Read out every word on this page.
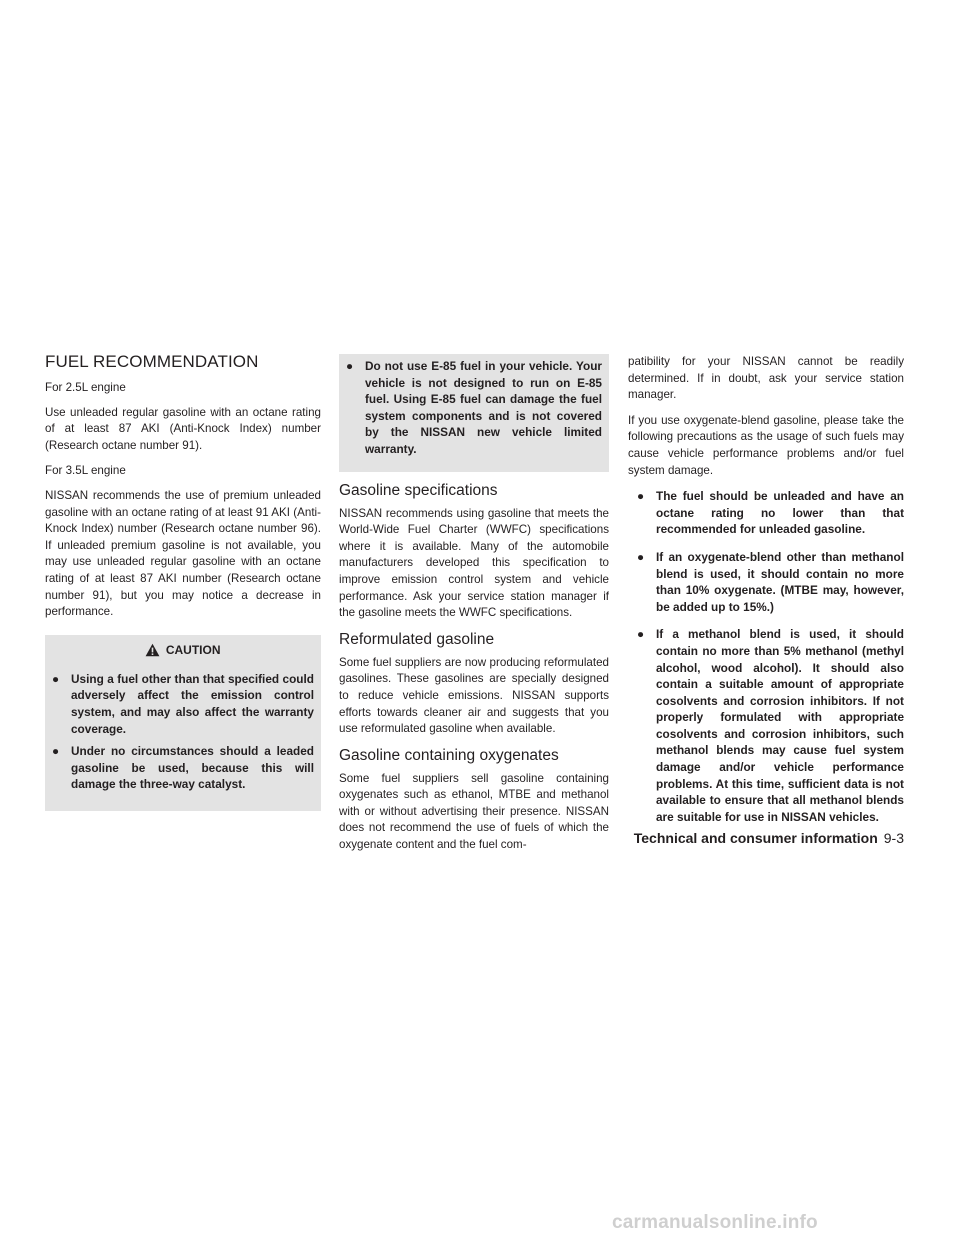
FUEL RECOMMENDATION

For 2.5L engine

Use unleaded regular gasoline with an octane rating of at least 87 AKI (Anti-Knock Index) number (Research octane number 91).

For 3.5L engine

NISSAN recommends the use of premium unleaded gasoline with an octane rating of at least 91 AKI (Anti-Knock Index) number (Research octane number 96). If unleaded premium gasoline is not available, you may use unleaded regular gasoline with an octane rating of at least 87 AKI number (Research octane number 91), but you may notice a decrease in performance.

CAUTION
● Using a fuel other than that specified could adversely affect the emission control system, and may also affect the warranty coverage.
● Under no circumstances should a leaded gasoline be used, because this will damage the three-way catalyst.
● Do not use E-85 fuel in your vehicle. Your vehicle is not designed to run on E-85 fuel. Using E-85 fuel can damage the fuel system components and is not covered by the NISSAN new vehicle limited warranty.
Gasoline specifications

NISSAN recommends using gasoline that meets the World-Wide Fuel Charter (WWFC) specifications where it is available. Many of the automobile manufacturers developed this specification to improve emission control system and vehicle performance. Ask your service station manager if the gasoline meets the WWFC specifications.

Reformulated gasoline

Some fuel suppliers are now producing reformulated gasolines. These gasolines are specially designed to reduce vehicle emissions. NISSAN supports efforts towards cleaner air and suggests that you use reformulated gasoline when available.

Gasoline containing oxygenates

Some fuel suppliers sell gasoline containing oxygenates such as ethanol, MTBE and methanol with or without advertising their presence. NISSAN does not recommend the use of fuels of which the oxygenate content and the fuel com-

patibility for your NISSAN cannot be readily determined. If in doubt, ask your service station manager.

If you use oxygenate-blend gasoline, please take the following precautions as the usage of such fuels may cause vehicle performance problems and/or fuel system damage.

● The fuel should be unleaded and have an octane rating no lower than that recommended for unleaded gasoline.
● If an oxygenate-blend other than methanol blend is used, it should contain no more than 10% oxygenate. (MTBE may, however, be added up to 15%.)
● If a methanol blend is used, it should contain no more than 5% methanol (methyl alcohol, wood alcohol). It should also contain a suitable amount of appropriate cosolvents and corrosion inhibitors. If not properly formulated with appropriate cosolvents and corrosion inhibitors, such methanol blends may cause fuel system damage and/or vehicle performance problems. At this time, sufficient data is not available to ensure that all methanol blends are suitable for use in NISSAN vehicles.
Technical and consumer information 9-3
carmanualsonline.info
